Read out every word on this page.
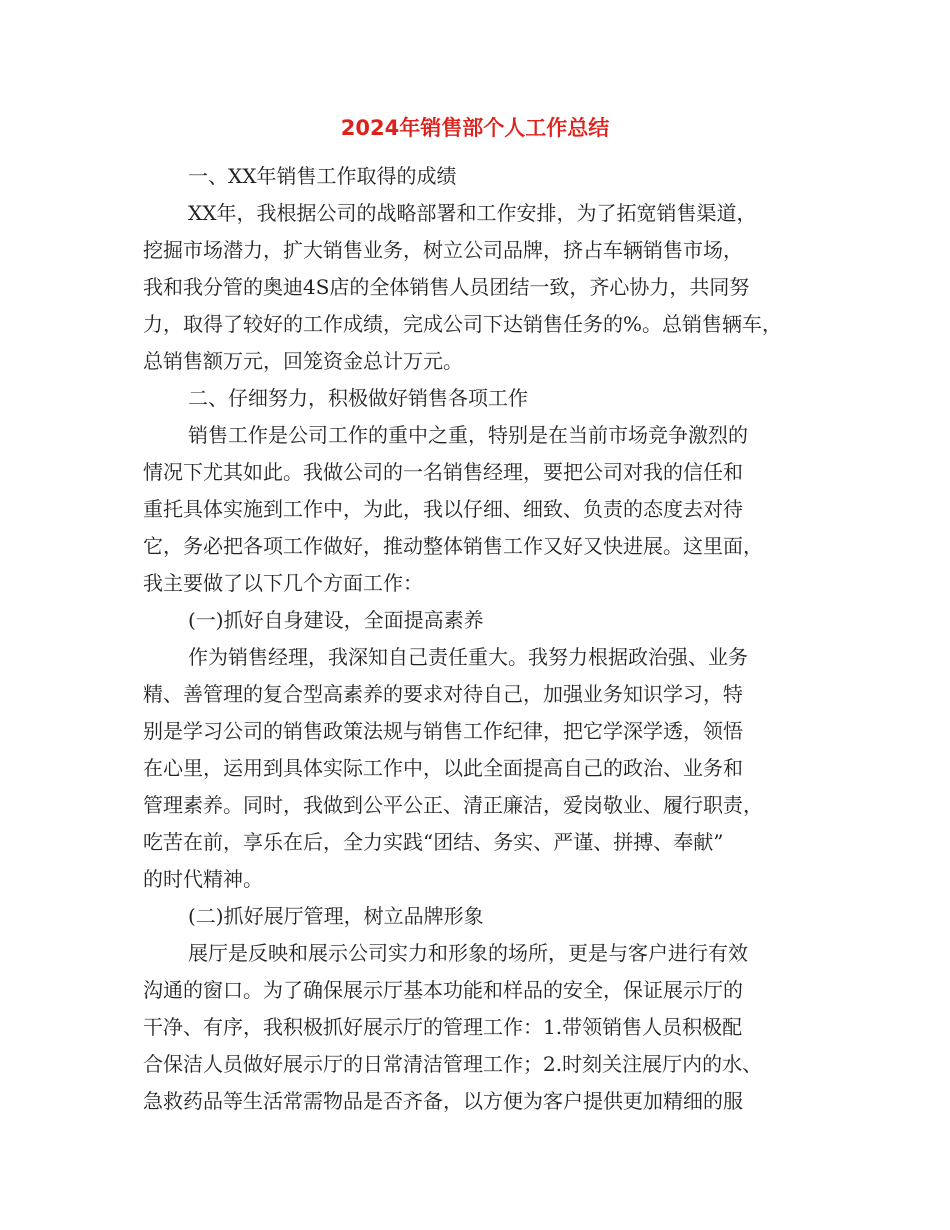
2024年销售部个人工作总结
一、XX年销售工作取得的成绩
XX年，我根据公司的战略部署和工作安排，为了拓宽销售渠道，
挖掘市场潜力，扩大销售业务，树立公司品牌，挤占车辆销售市场，
我和我分管的奥迪4S店的全体销售人员团结一致，齐心协力，共同努
力，取得了较好的工作成绩，完成公司下达销售任务的%。总销售辆车，
总销售额万元，回笼资金总计万元。
二、仔细努力，积极做好销售各项工作
销售工作是公司工作的重中之重，特别是在当前市场竞争激烈的
情况下尤其如此。我做公司的一名销售经理，要把公司对我的信任和
重托具体实施到工作中，为此，我以仔细、细致、负责的态度去对待
它，务必把各项工作做好，推动整体销售工作又好又快进展。这里面，
我主要做了以下几个方面工作：
(一)抓好自身建设，全面提高素养
作为销售经理，我深知自己责任重大。我努力根据政治强、业务
精、善管理的复合型高素养的要求对待自己，加强业务知识学习，特
别是学习公司的销售政策法规与销售工作纪律，把它学深学透，领悟
在心里，运用到具体实际工作中，以此全面提高自己的政治、业务和
管理素养。同时，我做到公平公正、清正廉洁，爱岗敬业、履行职责，
吃苦在前，享乐在后，全力实践“团结、务实、严谨、拼搏、奉献”
的时代精神。
(二)抓好展厅管理，树立品牌形象
展厅是反映和展示公司实力和形象的场所，更是与客户进行有效
沟通的窗口。为了确保展示厅基本功能和样品的安全，保证展示厅的
干净、有序，我积极抓好展示厅的管理工作：1.带领销售人员积极配
合保洁人员做好展示厅的日常清洁管理工作；2.时刻关注展厅内的水、
急救药品等生活常需物品是否齐备，以方便为客户提供更加精细的服
